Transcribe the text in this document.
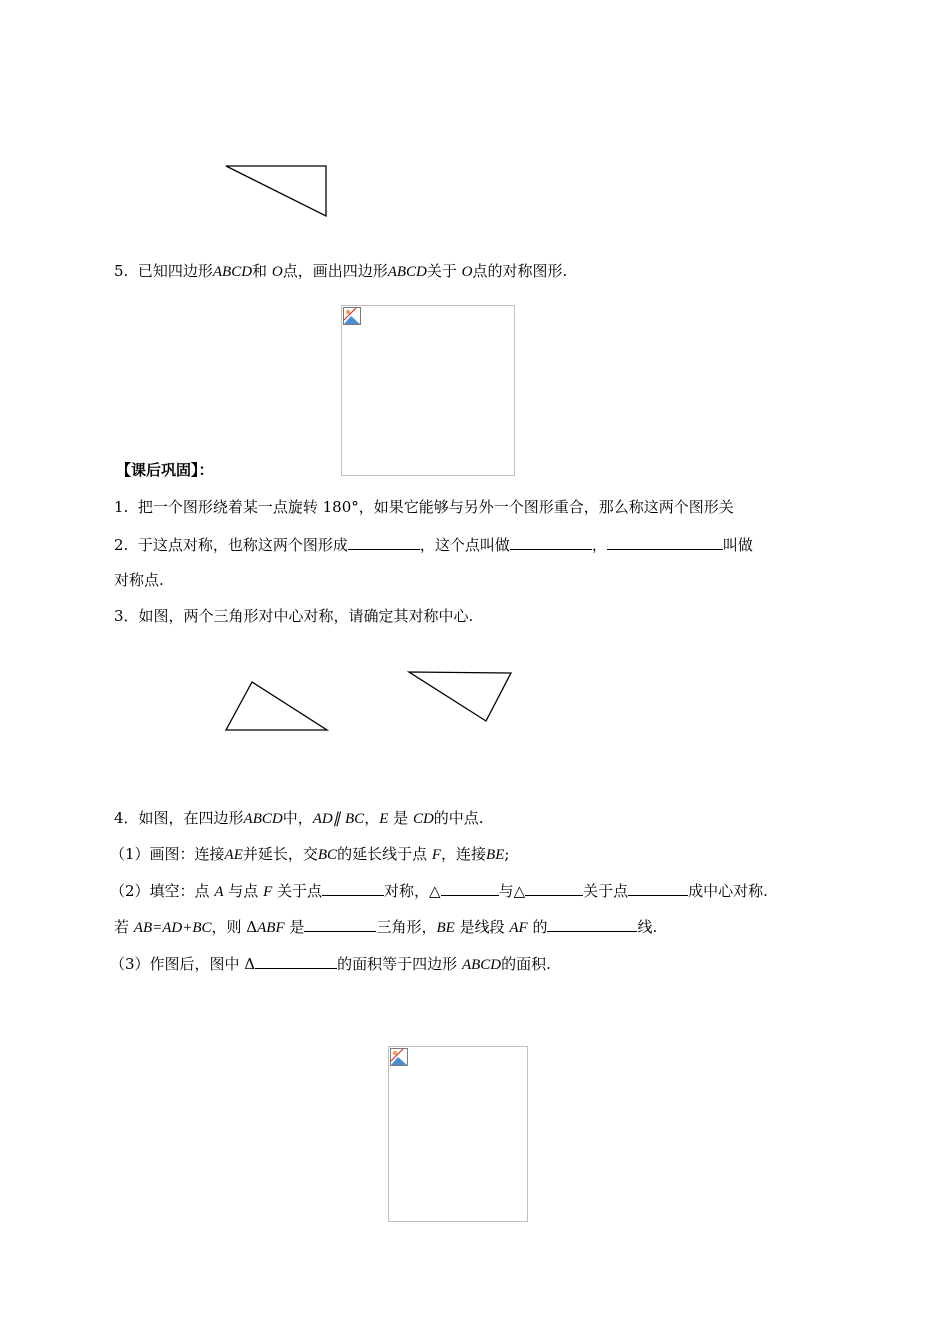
5. 已知四边形ABCD和 O点，画出四边形ABCD关于 O点的对称图形.
【课后巩固】：
1. 把一个图形绕着某一点旋转 180°，如果它能够与另外一个图形重合，那么称这两个图形关
2. 于这点对称，也称这两个图形成	，这个点叫做	，	叫做
对称点.
3．如图，两个三角形对中心对称，请确定其对称中心.
4．如图，在四边形ABCD中，AD∥ BC，E 是 CD的中点.
（1）画图：连接AE并延长，交BC的延长线于点 F，连接BE;
（2）填空：点 A 与点 F 关于点	对称，△	与△	关于点	成中心对称.
若 AB=AD+BC，则 ΔABF 是	三角形，BE 是线段 AF 的	线.
（3）作图后，图中 Δ	的面积等于四边形 ABCD的面积.
